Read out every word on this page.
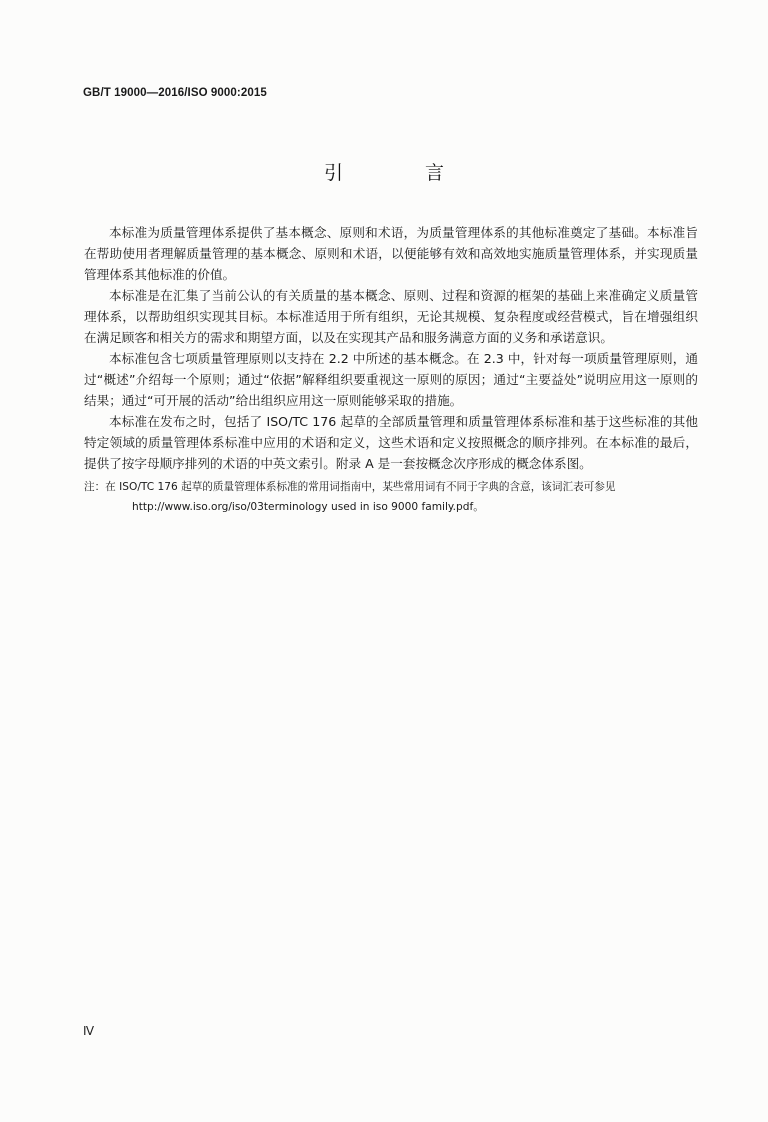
GB/T 19000—2016/ISO 9000:2015
引 言

本标准为质量管理体系提供了基本概念、原则和术语，为质量管理体系的其他标准奠定了基础。本标准旨在帮助使用者理解质量管理的基本概念、原则和术语，以便能够有效和高效地实施质量管理体系，并实现质量管理体系其他标准的价值。

本标准是在汇集了当前公认的有关质量的基本概念、原则、过程和资源的框架的基础上来准确定义质量管理体系，以帮助组织实现其目标。本标准适用于所有组织，无论其规模、复杂程度或经营模式，旨在增强组织在满足顾客和相关方的需求和期望方面，以及在实现其产品和服务满意方面的义务和承诺意识。

本标准包含七项质量管理原则以支持在 2.2 中所述的基本概念。在 2.3 中，针对每一项质量管理原则，通过“概述”介绍每一个原则；通过“依据”解释组织要重视这一原则的原因；通过“主要益处”说明应用这一原则的结果；通过“可开展的活动”给出组织应用这一原则能够采取的措施。

本标准在发布之时，包括了 ISO/TC 176 起草的全部质量管理和质量管理体系标准和基于这些标准的其他特定领域的质量管理体系标准中应用的术语和定义，这些术语和定义按照概念的顺序排列。在本标准的最后，提供了按字母顺序排列的术语的中英文索引。附录 A 是一套按概念次序形成的概念体系图。

注：在 ISO/TC 176 起草的质量管理体系标准的常用词指南中，某些常用词有不同于字典的含意，该词汇表可参见
http://www.iso.org/iso/03terminology used in iso 9000 family.pdf。
Ⅳ
